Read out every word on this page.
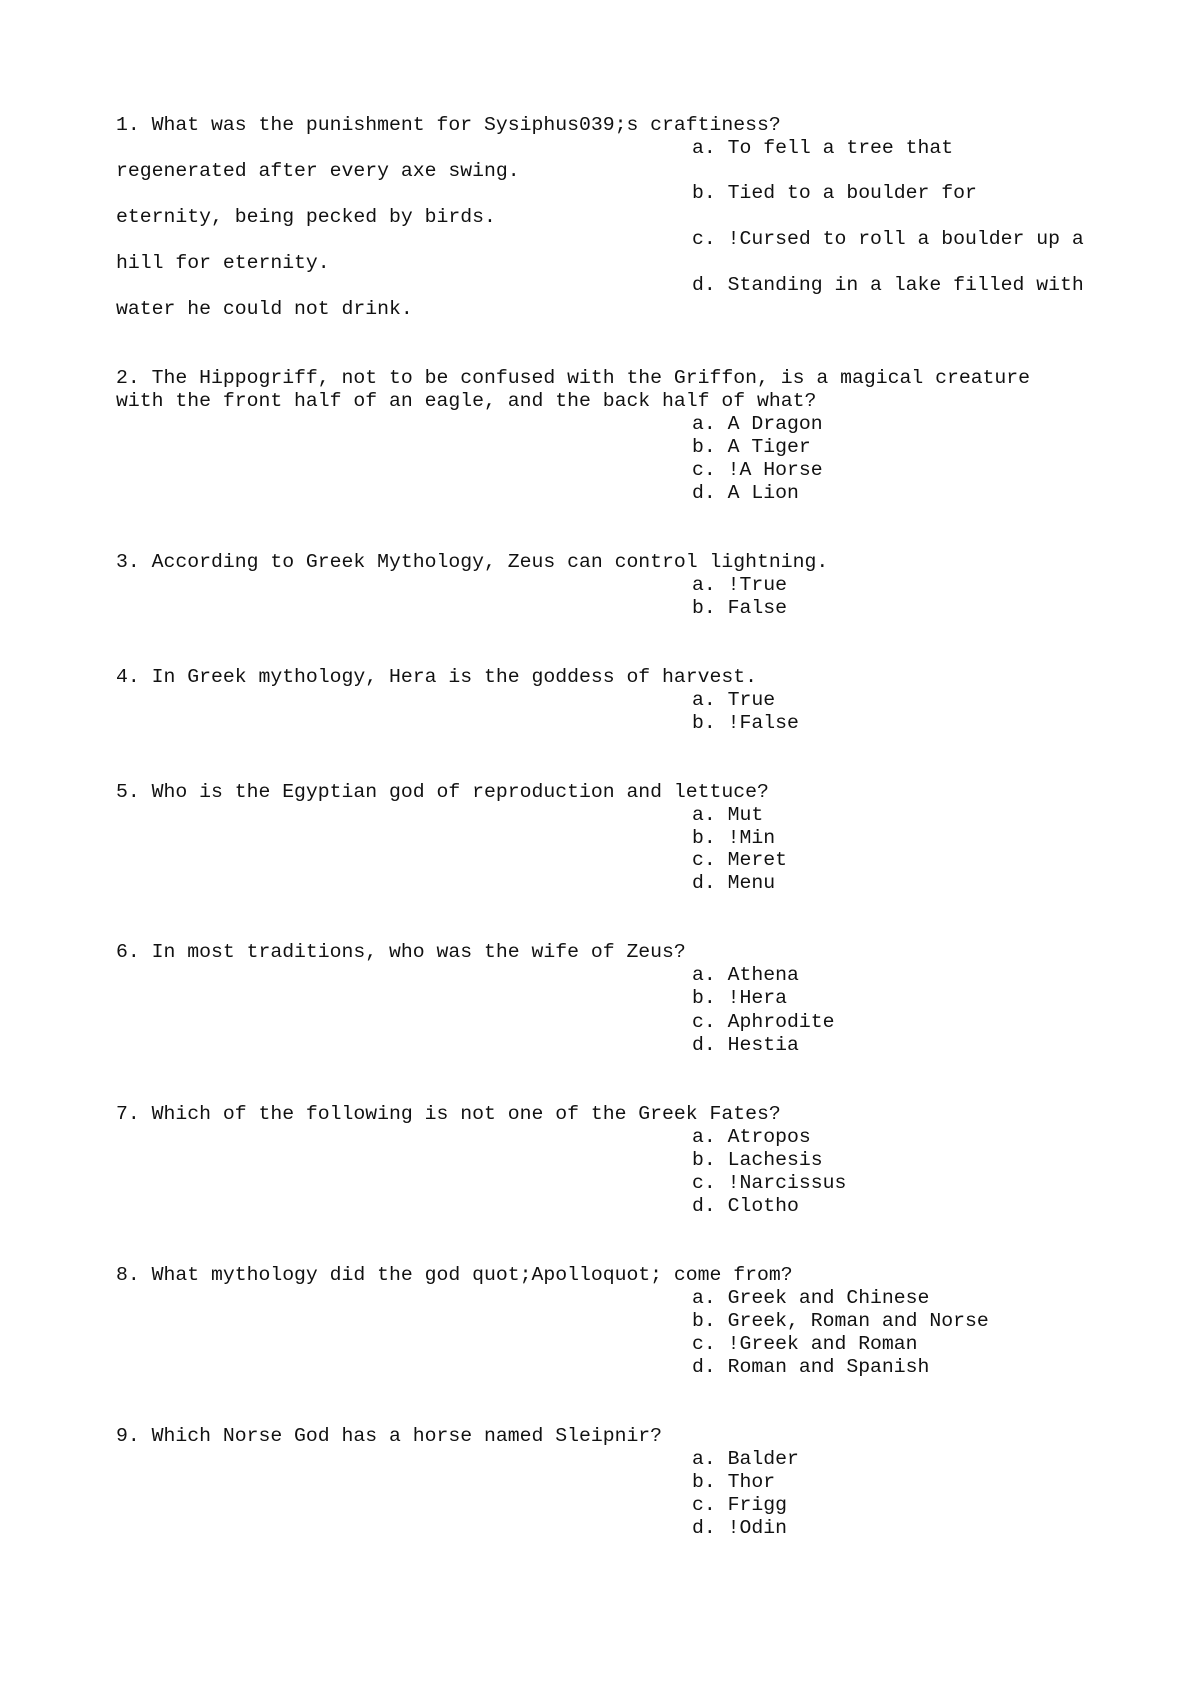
1. What was the punishment for Sysiphus039;s craftiness?

a. To fell a tree that

regenerated after every axe swing.

b. Tied to a boulder for

eternity, being pecked by birds.

c. !Cursed to roll a boulder up a

hill for eternity.

d. Standing in a lake filled with

water he could not drink.

2. The Hippogriff, not to be confused with the Griffon, is a magical creature

with the front half of an eagle, and the back half of what?

a. A Dragon

b. A Tiger

c. !A Horse

d. A Lion

3. According to Greek Mythology, Zeus can control lightning.

a. !True

b. False

4. In Greek mythology, Hera is the goddess of harvest.

a. True

b. !False

5. Who is the Egyptian god of reproduction and lettuce?

a. Mut

b. !Min

c. Meret

d. Menu

6. In most traditions, who was the wife of Zeus?

a. Athena

b. !Hera

c. Aphrodite

d. Hestia

7. Which of the following is not one of the Greek Fates?

a. Atropos

b. Lachesis

c. !Narcissus

d. Clotho

8. What mythology did the god quot;Apolloquot; come from?

a. Greek and Chinese

b. Greek, Roman and Norse

c. !Greek and Roman

d. Roman and Spanish

9. Which Norse God has a horse named Sleipnir?

a. Balder

b. Thor

c. Frigg

d. !Odin
